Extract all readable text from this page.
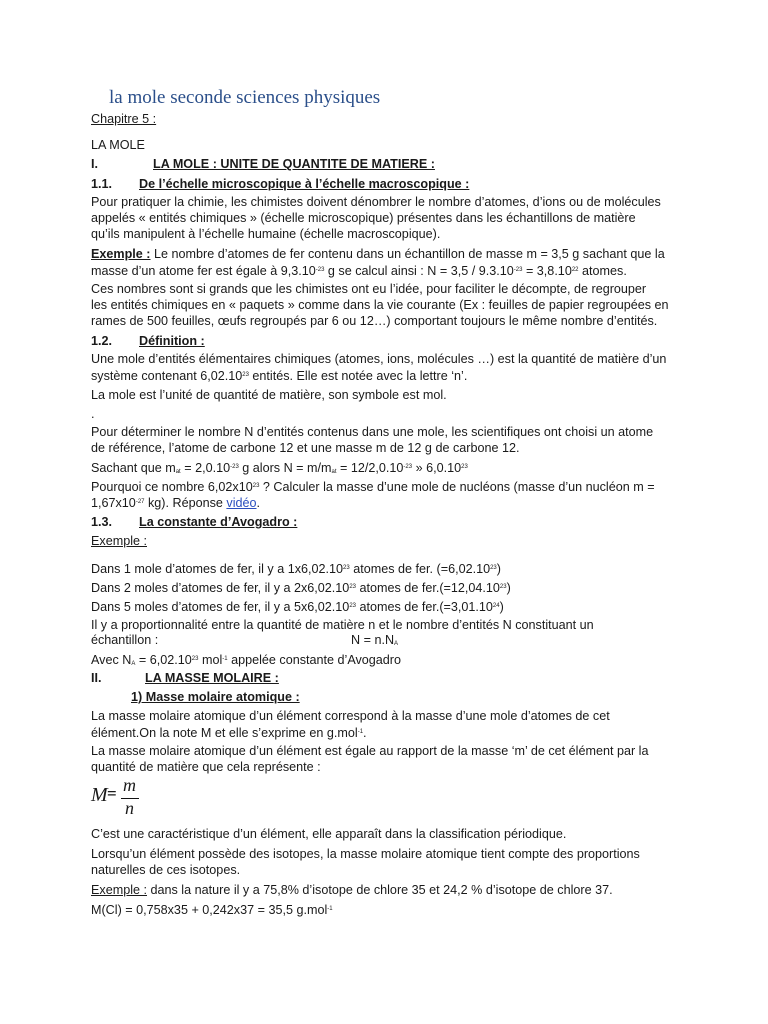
la mole seconde sciences physiques
Chapitre 5 :
LA MOLE
I.	LA MOLE : UNITE DE QUANTITE DE MATIERE :
1.1. De l’échelle microscopique à l’échelle macroscopique :
Pour pratiquer la chimie, les chimistes doivent dénombrer le nombre d’atomes, d’ions ou de molécules
appelés « entités chimiques » (échelle microscopique) présentes dans les échantillons de matière
qu’ils manipulent à l’échelle humaine (échelle macroscopique).
Exemple : Le nombre d’atomes de fer contenu dans un échantillon de masse m = 3,5 g sachant que la
masse d’un atome fer est égale à $9,3.10^{-23}$ g se calcul ainsi : $N = 3,5 / 9.3.10^{-23} = 3,8.10^{22}$ atomes.
Ces nombres sont si grands que les chimistes ont eu l’idée, pour faciliter le décompte, de regrouper
les entités chimiques en « paquets » comme dans la vie courante (Ex : feuilles de papier regroupées en
rames de 500 feuilles, œufs regroupés par 6 ou 12…) comportant toujours le même nombre d’entités.
1.2. Définition :
Une mole d’entités élémentaires chimiques (atomes, ions, molécules …) est la quantité de matière d’un
système contenant 6,02.10$^{23}$ entités. Elle est notée avec la lettre ‘n’.
La mole est l’unité de quantité de matière, son symbole est mol.
.
Pour déterminer le nombre N d’entités contenus dans une mole, les scientifiques ont choisi un atome
de référence, l’atome de carbone 12 et une masse m de 12 g de carbone 12.
Sachant que $m_{at} = 2,0.10^{-23}$ g alors $N = m/m_{at} = 12/2,0.10^{-23}$ » 6,0.10$^{23}$
Pourquoi ce nombre $6,02x10^{23}$ ? Calculer la masse d’une mole de nucléons (masse d’un nucléon m =
$1,67x10^{-27}$ kg). Réponse vidéo.
1.3. La constante d’Avogadro :
Exemple :
Dans 1 mole d’atomes de fer, il y a 1x6,02.10$^{23}$ atomes de fer. $(=6,02.10^{23})$
Dans 2 moles d’atomes de fer, il y a 2x6,02.10$^{23}$ atomes de $fer.(=12,04.10^{23})$
Dans 5 moles d’atomes de fer, il y a 5x6,02.10$^{23}$ atomes de $fer.(=3,01.10^{24})$
Il y a proportionnalité entre la quantité de matière n et le nombre d’entités N constituant un
échantillon :	$N = n.N_A$
Avec $N_A = 6,02.10^{23}$ mol$^{-1}$ appelée constante d’Avogadro
II.	LA MASSE MOLAIRE :
1) Masse molaire atomique :
La masse molaire atomique d’un élément correspond à la masse d’une mole d’atomes de cet
élément.On la note M et elle s’exprime en g.mol$^{-1}$.
La masse molaire atomique d’un élément est égale au rapport de la masse ‘m’ de cet élément par la
quantité de matière que cela représente :
M = m
n
C’est une caractéristique d’un élément, elle apparaît dans la classification périodique.
Lorsqu’un élément possède des isotopes, la masse molaire atomique tient compte des proportions
naturelles de ces isotopes.
Exemple : dans la nature il y a 75,8% d’isotope de chlore 35 et 24,2 % d’isotope de chlore 37.
M(Cl) = 0,758x35 + 0,242x37 = 35,5 g.mol$^{-1}$
